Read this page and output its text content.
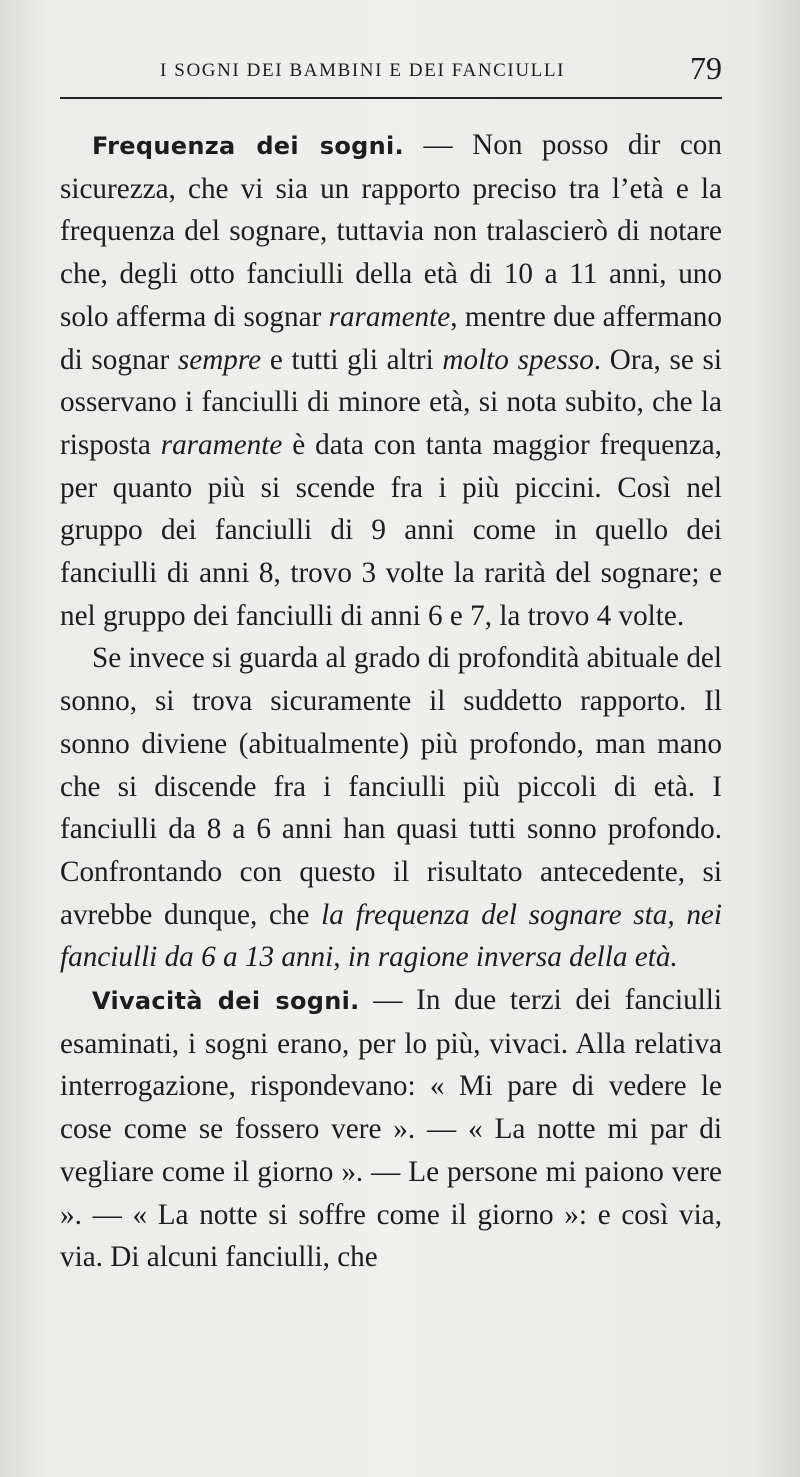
I SOGNI DEI BAMBINI E DEI FANCIULLI	79

Frequenza dei sogni. — Non posso dir con sicurezza, che vi sia un rapporto preciso tra l’età e la frequenza del sognare, tuttavia non tralascierò di notare che, degli otto fanciulli della età di 10 a 11 anni, uno solo afferma di sognar raramente, mentre due affermano di sognar sempre e tutti gli altri molto spesso. Ora, se si osservano i fanciulli di minore età, si nota subito, che la risposta raramente è data con tanta maggior frequenza, per quanto più si scende fra i più piccini. Così nel gruppo dei fanciulli di 9 anni come in quello dei fanciulli di anni 8, trovo 3 volte la rarità del sognare; e nel gruppo dei fanciulli di anni 6 e 7, la trovo 4 volte.

Se invece si guarda al grado di profondità abituale del sonno, si trova sicuramente il suddetto rapporto. Il sonno diviene (abitualmente) più profondo, man mano che si discende fra i fanciulli più piccoli di età. I fanciulli da 8 a 6 anni han quasi tutti sonno profondo. Confrontando con questo il risultato antecedente, si avrebbe dunque, che la frequenza del sognare sta, nei fanciulli da 6 a 13 anni, in ragione inversa della età.

Vivacità dei sogni. — In due terzi dei fanciulli esaminati, i sogni erano, per lo più, vivaci. Alla relativa interrogazione, rispondevano: « Mi pare di vedere le cose come se fossero vere ». — « La notte mi par di vegliare come il giorno ». — Le persone mi paiono vere ». — « La notte si soffre come il giorno »: e così via, via. Di alcuni fanciulli, che
